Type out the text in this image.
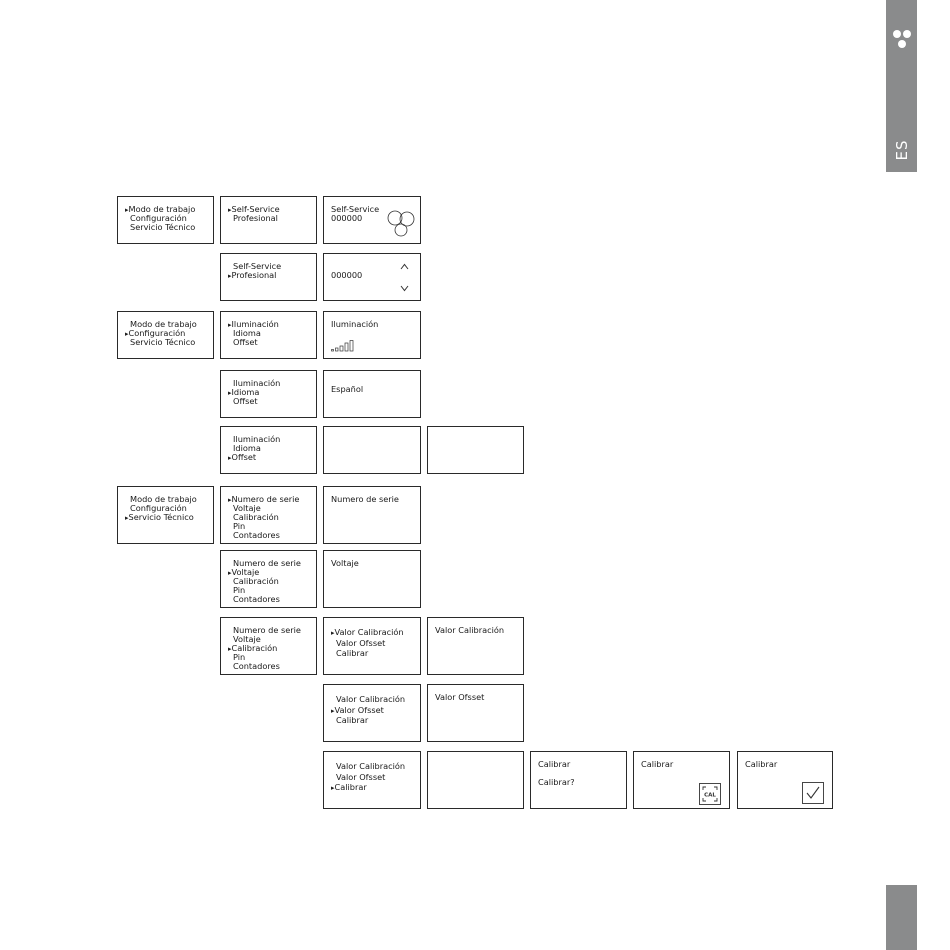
ES
▸ Modo de trabajo
Configuración
Servicio Técnico
Modo de trabajo
▸ Configuración
Servicio Técnico
Modo de trabajo
Configuración
▸ Servicio Técnico
▸ Self-Service
Profesional
Self-Service
▸ Profesional
▸ Iluminación
Idioma
Offset
Iluminación
▸ Idioma
Offset
Iluminación
Idioma
▸ Offset
▸ Numero de serie
Voltaje
Calibración
Pin
Contadores
Numero de serie
▸ Voltaje
Calibración
Pin
Contadores
Numero de serie
Voltaje
▸ Calibración
Pin
Contadores
Self-Service
000000
000000
Iluminación
Español
Numero de serie
Voltaje
▸ Valor Calibración
Valor Ofsset
Calibrar
Valor Calibración
▸ Valor Ofsset
Calibrar
Valor Calibración
Valor Ofsset
▸ Calibrar
Valor Calibración
Valor Ofsset
Calibrar
Calibrar?
Calibrar
CAL
Calibrar
